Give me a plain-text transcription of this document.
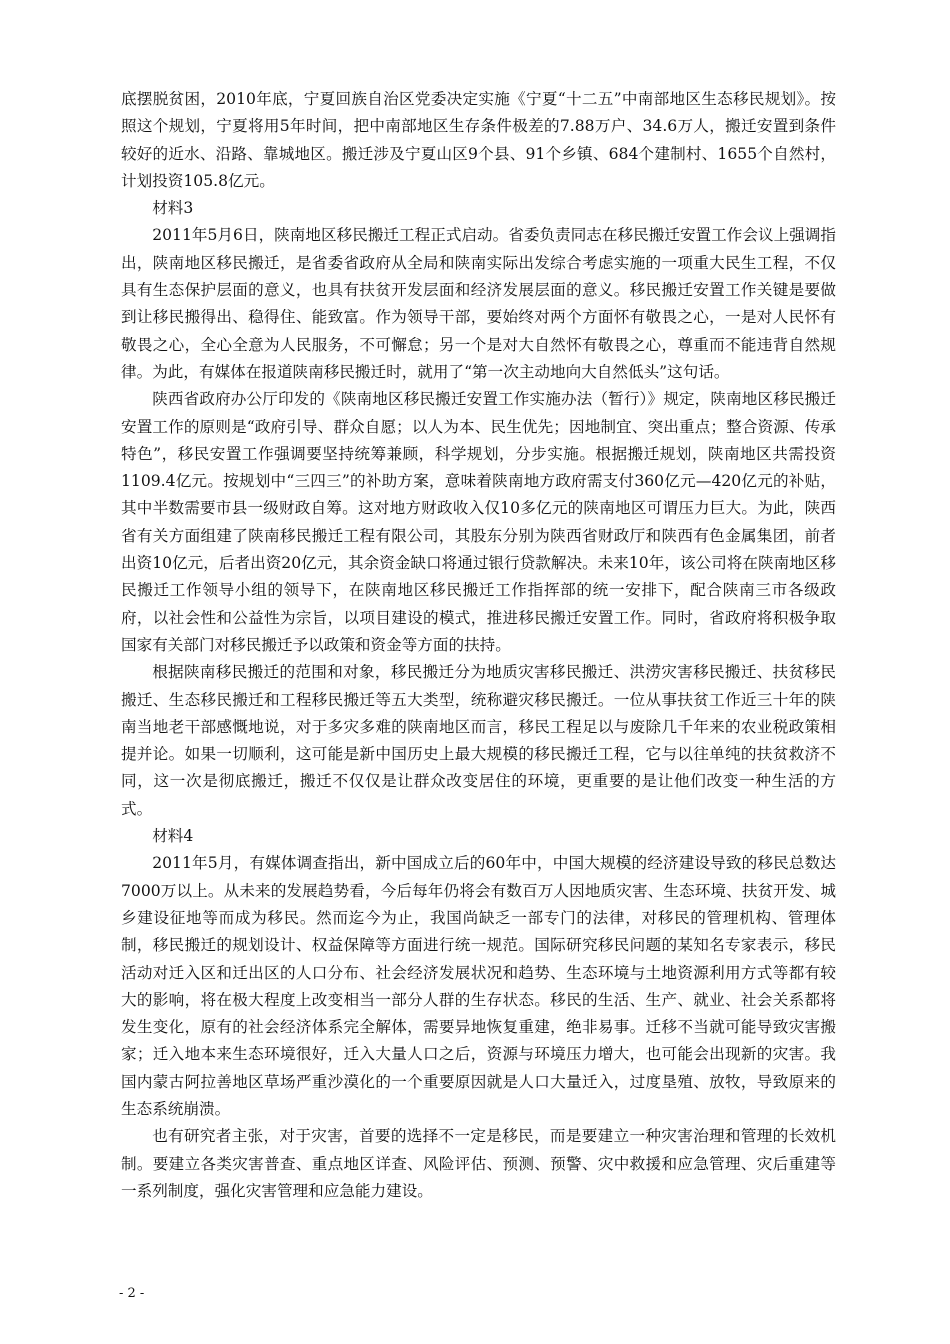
底摆脱贫困，2010年底，宁夏回族自治区党委决定实施《宁夏“十二五”中南部地区生态移民规划》。按照这个规划，宁夏将用5年时间，把中南部地区生存条件极差的7.88万户、34.6万人，搬迁安置到条件较好的近水、沿路、靠城地区。搬迁涉及宁夏山区9个县、91个乡镇、684个建制村、1655个自然村，计划投资105.8亿元。

材料3

2011年5月6日，陕南地区移民搬迁工程正式启动。省委负责同志在移民搬迁安置工作会议上强调指出，陕南地区移民搬迁，是省委省政府从全局和陕南实际出发综合考虑实施的一项重大民生工程，不仅具有生态保护层面的意义，也具有扶贫开发层面和经济发展层面的意义。移民搬迁安置工作关键是要做到让移民搬得出、稳得住、能致富。作为领导干部，要始终对两个方面怀有敬畏之心，一是对人民怀有敬畏之心，全心全意为人民服务，不可懈怠；另一个是对大自然怀有敬畏之心，尊重而不能违背自然规律。为此，有媒体在报道陕南移民搬迁时，就用了“第一次主动地向大自然低头”这句话。

陕西省政府办公厅印发的《陕南地区移民搬迁安置工作实施办法（暂行）》规定，陕南地区移民搬迁安置工作的原则是“政府引导、群众自愿；以人为本、民生优先；因地制宜、突出重点；整合资源、传承特色”，移民安置工作强调要坚持统筹兼顾，科学规划，分步实施。根据搬迁规划，陕南地区共需投资1109.4亿元。按规划中“三四三”的补助方案，意味着陕南地方政府需支付360亿元—420亿元的补贴，其中半数需要市县一级财政自筹。这对地方财政收入仅10多亿元的陕南地区可谓压力巨大。为此，陕西省有关方面组建了陕南移民搬迁工程有限公司，其股东分别为陕西省财政厅和陕西有色金属集团，前者出资10亿元，后者出资20亿元，其余资金缺口将通过银行贷款解决。未来10年，该公司将在陕南地区移民搬迁工作领导小组的领导下，在陕南地区移民搬迁工作指挥部的统一安排下，配合陕南三市各级政府，以社会性和公益性为宗旨，以项目建设的模式，推进移民搬迁安置工作。同时，省政府将积极争取国家有关部门对移民搬迁予以政策和资金等方面的扶持。

根据陕南移民搬迁的范围和对象，移民搬迁分为地质灾害移民搬迁、洪涝灾害移民搬迁、扶贫移民搬迁、生态移民搬迁和工程移民搬迁等五大类型，统称避灾移民搬迁。一位从事扶贫工作近三十年的陕南当地老干部感慨地说，对于多灾多难的陕南地区而言，移民工程足以与废除几千年来的农业税政策相提并论。如果一切顺利，这可能是新中国历史上最大规模的移民搬迁工程，它与以往单纯的扶贫救济不同，这一次是彻底搬迁，搬迁不仅仅是让群众改变居住的环境，更重要的是让他们改变一种生活的方式。

材料4

2011年5月，有媒体调查指出，新中国成立后的60年中，中国大规模的经济建设导致的移民总数达7000万以上。从未来的发展趋势看，今后每年仍将会有数百万人因地质灾害、生态环境、扶贫开发、城乡建设征地等而成为移民。然而迄今为止，我国尚缺乏一部专门的法律，对移民的管理机构、管理体制，移民搬迁的规划设计、权益保障等方面进行统一规范。国际研究移民问题的某知名专家表示，移民活动对迁入区和迁出区的人口分布、社会经济发展状况和趋势、生态环境与土地资源利用方式等都有较大的影响，将在极大程度上改变相当一部分人群的生存状态。移民的生活、生产、就业、社会关系都将发生变化，原有的社会经济体系完全解体，需要异地恢复重建，绝非易事。迁移不当就可能导致灾害搬家；迁入地本来生态环境很好，迁入大量人口之后，资源与环境压力增大，也可能会出现新的灾害。我国内蒙古阿拉善地区草场严重沙漠化的一个重要原因就是人口大量迁入，过度垦殖、放牧，导致原来的生态系统崩溃。

也有研究者主张，对于灾害，首要的选择不一定是移民，而是要建立一种灾害治理和管理的长效机制。要建立各类灾害普查、重点地区详查、风险评估、预测、预警、灾中救援和应急管理、灾后重建等一系列制度，强化灾害管理和应急能力建设。

- 2 -
